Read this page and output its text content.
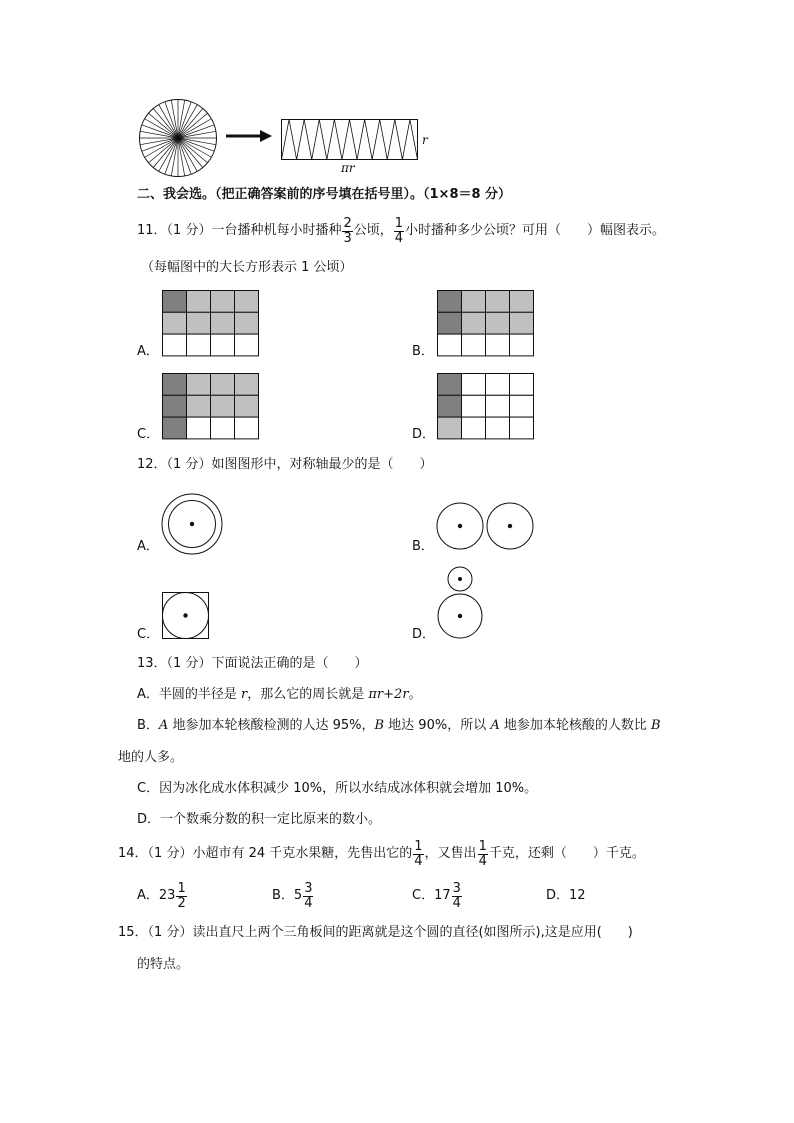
r
πr
二、我会选。（把正确答案前的序号填在括号里）。（1×8＝8 分）
11．（1 分）一台播种机每小时播种 $\frac{2}{3}$ 公顷， $\frac{1}{4}$ 小时播种多少公顷？可用（　　）幅图表示。
（每幅图中的大长方形表示 1 公顷）
A．	B．
C．	D．
12．（1 分）如图图形中，对称轴最少的是（　　）
A．	B．
C．	D．
13．（1 分）下面说法正确的是（　　）
A．半圆的半径是 r，那么它的周长就是 πr+2r。
B．A 地参加本轮核酸检测的人达 95%，B 地达 90%，所以 A 地参加本轮核酸的人数比 B
地的人多。
C．因为冰化成水体积减少 10%，所以水结成冰体积就会增加 10%。
D．一个数乘分数的积一定比原来的数小。
14．（1 分）小超市有 24 千克水果糖，先售出它的 $\frac{1}{4}$ ，又售出 $\frac{1}{4}$ 千克，还剩（　　）千克。
A．$23 \frac{1}{2}$	B．$5 \frac{3}{4}$	C．$17 \frac{3}{4}$	D．12
15．（1 分）读出直尺上两个三角板间的距离就是这个圆的直径(如图所示),这是应用(　　)
的特点。
